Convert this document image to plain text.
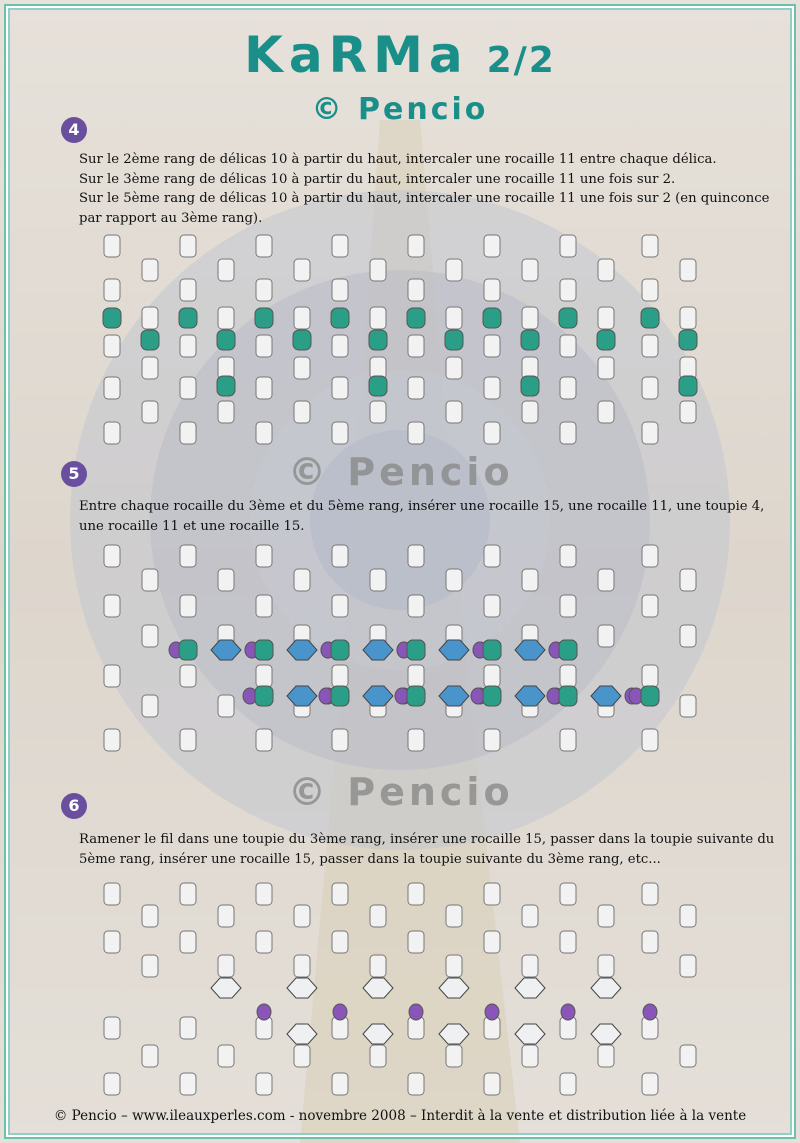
KaRMa 2/2
© Pencio
4
Sur le 2ème rang de délicas 10 à partir du haut, intercaler une rocaille 11 entre chaque délica.
Sur le 3ème rang de délicas 10 à partir du haut, intercaler une rocaille 11 une fois sur 2.
Sur le 5ème rang de délicas 10 à partir du haut, intercaler une rocaille 11 une fois sur 2 (en quinconce
par rapport au 3ème rang).
5	© Pencio
Entre chaque rocaille du 3ème et du 5ème rang, insérer une rocaille 15, une rocaille 11, une toupie 4,
une rocaille 11 et une rocaille 15.
© Pencio
6
Ramener le fil dans une toupie du 3ème rang, insérer une rocaille 15, passer dans la toupie suivante du
5ème rang, insérer une rocaille 15, passer dans la toupie suivante du 3ème rang, etc...
© Pencio – www.ileauxperles.com - novembre 2008 – Interdit à la vente et distribution liée à la vente
